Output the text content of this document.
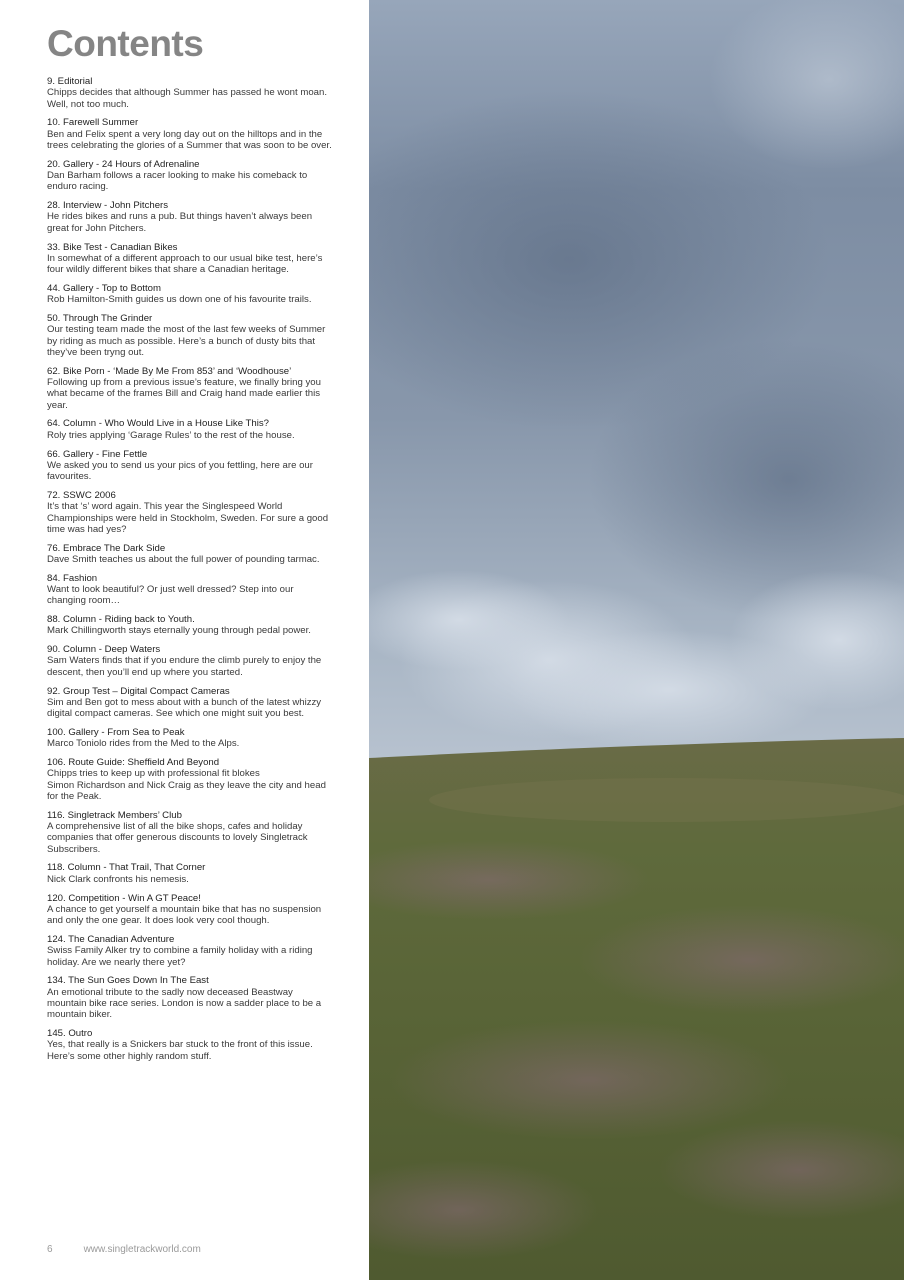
Contents
9. Editorial
Chipps decides that although Summer has passed he wont moan.
Well, not too much.
10. Farewell Summer
Ben and Felix spent a very long day out on the hilltops and in the
trees celebrating the glories of a Summer that was soon to be over.
20. Gallery - 24 Hours of Adrenaline
Dan Barham follows a racer looking to make his comeback to
enduro racing.
28. Interview - John Pitchers
He rides bikes and runs a pub. But things haven’t always been
great for John Pitchers.
33. Bike Test - Canadian Bikes
In somewhat of a different approach to our usual bike test, here’s
four wildly different bikes that share a Canadian heritage.
44. Gallery - Top to Bottom
Rob Hamilton-Smith guides us down one of his favourite trails.
50. Through The Grinder
Our testing team made the most of the last few weeks of Summer
by riding as much as possible. Here’s a bunch of dusty bits that
they’ve been tryng out.
62. Bike Porn - ‘Made By Me From 853’ and ‘Woodhouse’
Following up from a previous issue’s feature, we finally bring you
what became of the frames Bill and Craig hand made earlier this
year.
64. Column - Who Would Live in a House Like This?
Roly tries applying ‘Garage Rules’ to the rest of the house.
66. Gallery - Fine Fettle
We asked you to send us your pics of you fettling, here are our
favourites.
72. SSWC 2006
It’s that ‘s’ word again. This year the Singlespeed World
Championships were held in Stockholm, Sweden. For sure a good
time was had yes?
76. Embrace The Dark Side
Dave Smith teaches us about the full power of pounding tarmac.
84. Fashion
Want to look beautiful? Or just well dressed? Step into our
changing room…
88. Column - Riding back to Youth.
Mark Chillingworth stays eternally young through pedal power.
90. Column - Deep Waters
Sam Waters finds that if you endure the climb purely to enjoy the
descent, then you’ll end up where you started.
92. Group Test – Digital Compact Cameras
Sim and Ben got to mess about with a bunch of the latest whizzy
digital compact cameras. See which one might suit you best.
100. Gallery - From Sea to Peak
Marco Toniolo rides from the Med to the Alps.
106. Route Guide: Sheffield And Beyond
Chipps tries to keep up with professional fit blokes
Simon Richardson and Nick Craig as they leave the city and head
for the Peak.
116. Singletrack Members’ Club
A comprehensive list of all the bike shops, cafes and holiday
companies that offer generous discounts to lovely Singletrack
Subscribers.
118. Column - That Trail, That Corner
Nick Clark confronts his nemesis.
120. Competition - Win A GT Peace!
A chance to get yourself a mountain bike that has no suspension
and only the one gear. It does look very cool though.
124. The Canadian Adventure
Swiss Family Alker try to combine a family holiday with a riding
holiday. Are we nearly there yet?
134. The Sun Goes Down In The East
An emotional tribute to the sadly now deceased Beastway
mountain bike race series. London is now a sadder place to be a
mountain biker.
145. Outro
Yes, that really is a Snickers bar stuck to the front of this issue.
Here’s some other highly random stuff.
6	www.singletrackworld.com
